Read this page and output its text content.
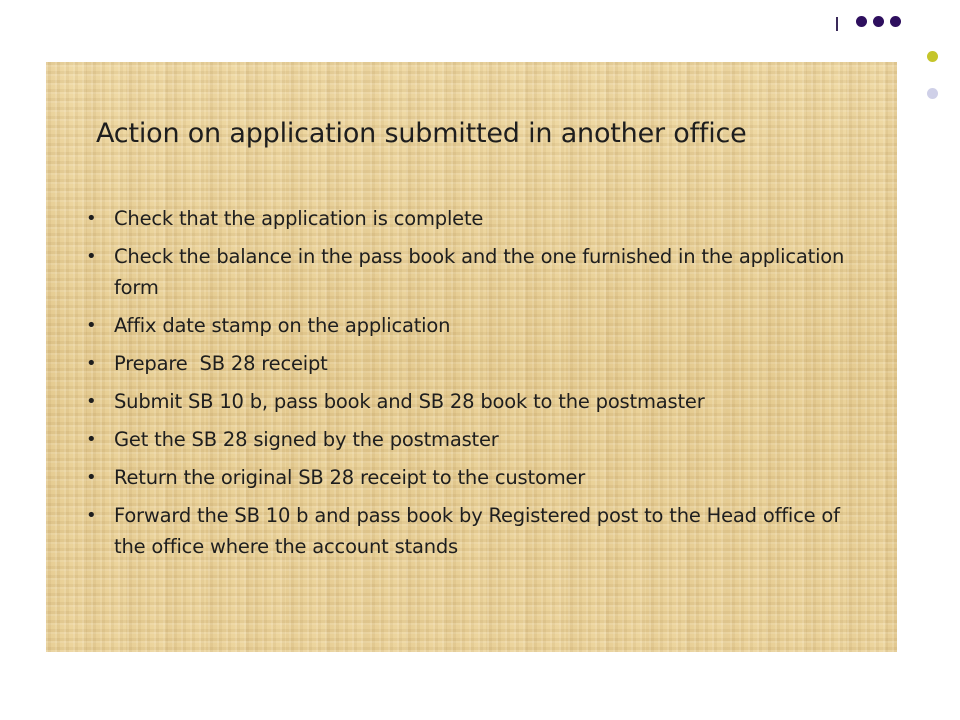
Action on application submitted in another office
• Check that the application is complete
• Check the balance in the pass book and the one furnished in the application form
• Affix date stamp on the application
• Prepare  SB 28 receipt
• Submit SB 10 b, pass book and SB 28 book to the postmaster
• Get the SB 28 signed by the postmaster
• Return the original SB 28 receipt to the customer
• Forward the SB 10 b and pass book by Registered post to the Head office of the office where the account stands
